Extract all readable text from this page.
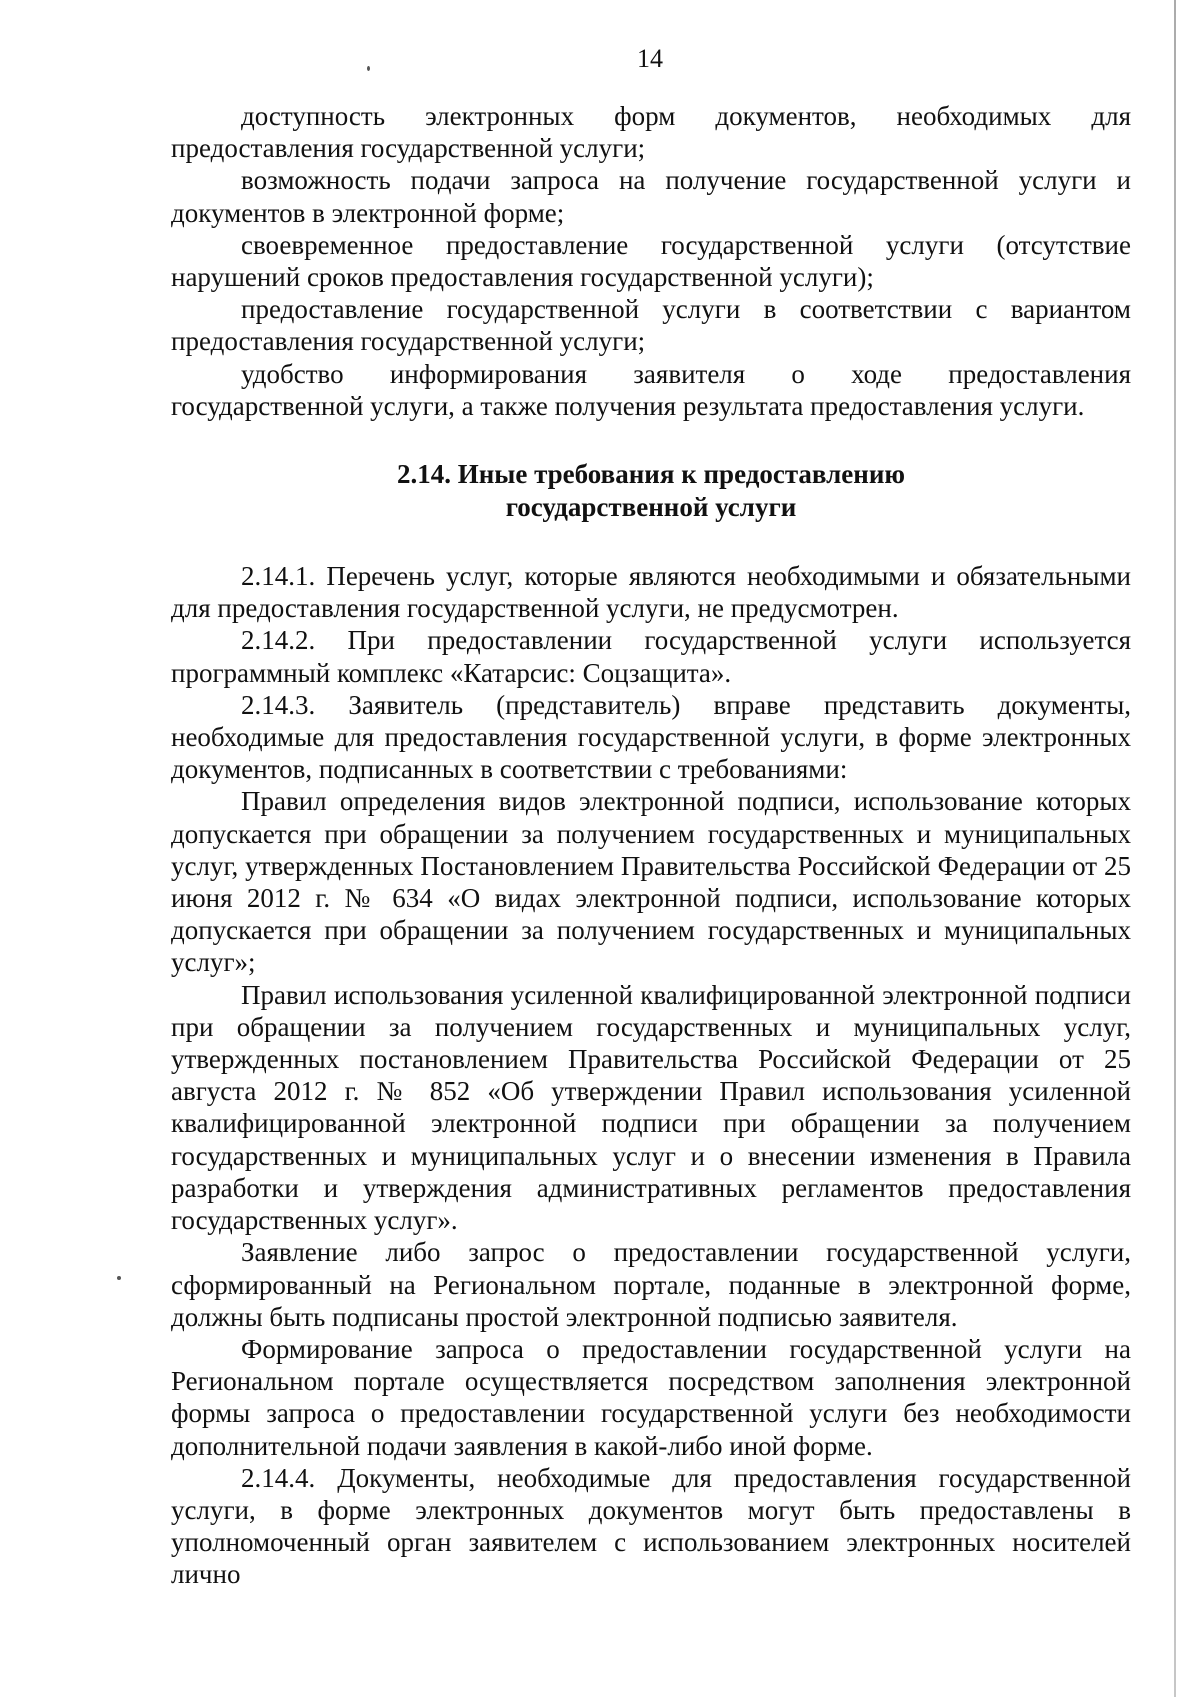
14

доступность электронных форм документов, необходимых для предоставления государственной услуги;

возможность подачи запроса на получение государственной услуги и документов в электронной форме;

своевременное предоставление государственной услуги (отсутствие нарушений сроков предоставления государственной услуги);

предоставление государственной услуги в соответствии с вариантом предоставления государственной услуги;

удобство информирования заявителя о ходе предоставления государственной услуги, а также получения результата предоставления услуги.

2.14. Иные требования к предоставлению
государственной услуги

2.14.1. Перечень услуг, которые являются необходимыми и обязательными для предоставления государственной услуги, не предусмотрен.

2.14.2. При предоставлении государственной услуги используется программный комплекс «Катарсис: Соцзащита».

2.14.3. Заявитель (представитель) вправе представить документы, необходимые для предоставления государственной услуги, в форме электронных документов, подписанных в соответствии с требованиями:

Правил определения видов электронной подписи, использование которых допускается при обращении за получением государственных и муниципальных услуг, утвержденных Постановлением Правительства Российской Федерации от 25 июня 2012 г. № 634 «О видах электронной подписи, использование которых допускается при обращении за получением государственных и муниципальных услуг»;

Правил использования усиленной квалифицированной электронной подписи при обращении за получением государственных и муниципальных услуг, утвержденных постановлением Правительства Российской Федерации от 25 августа 2012 г. № 852 «Об утверждении Правил использования усиленной квалифицированной электронной подписи при обращении за получением государственных и муниципальных услуг и о внесении изменения в Правила разработки и утверждения административных регламентов предоставления государственных услуг».

Заявление либо запрос о предоставлении государственной услуги, сформированный на Региональном портале, поданные в электронной форме, должны быть подписаны простой электронной подписью заявителя.

Формирование запроса о предоставлении государственной услуги на Региональном портале осуществляется посредством заполнения электронной формы запроса о предоставлении государственной услуги без необходимости дополнительной подачи заявления в какой-либо иной форме.

2.14.4. Документы, необходимые для предоставления государственной услуги, в форме электронных документов могут быть предоставлены в уполномоченный орган заявителем с использованием электронных носителей лично
